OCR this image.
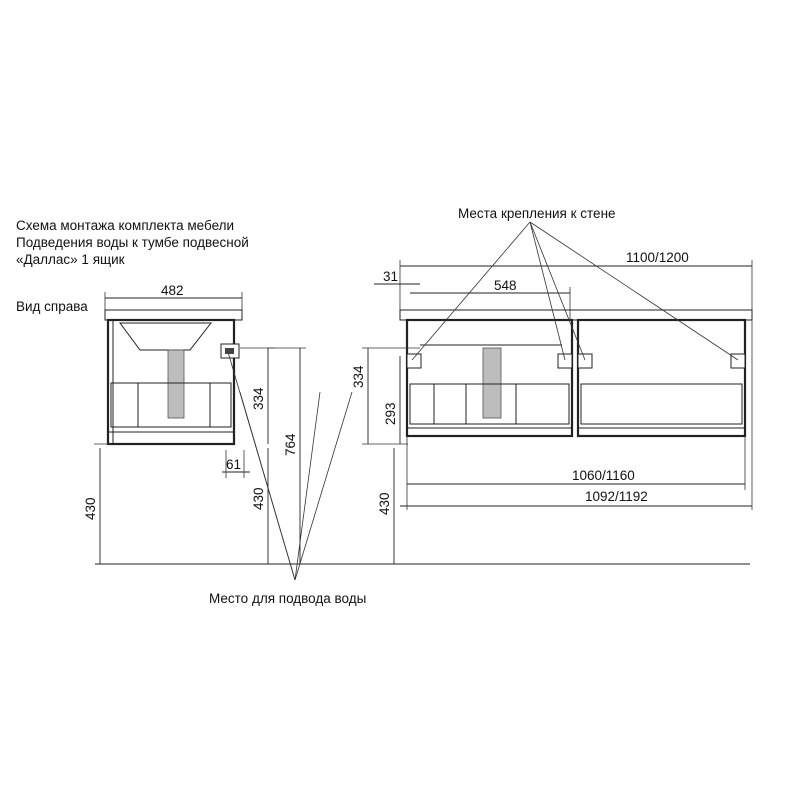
Схема монтажа комплекта мебели
Подведения воды к тумбе подвесной
«Даллас» 1 ящик
Вид справа
482
334
764
61
430	430
1100/1200
31
548
334
293
430
1060/1160
1092/1192
Места крепления к стене
Место для подвода воды
